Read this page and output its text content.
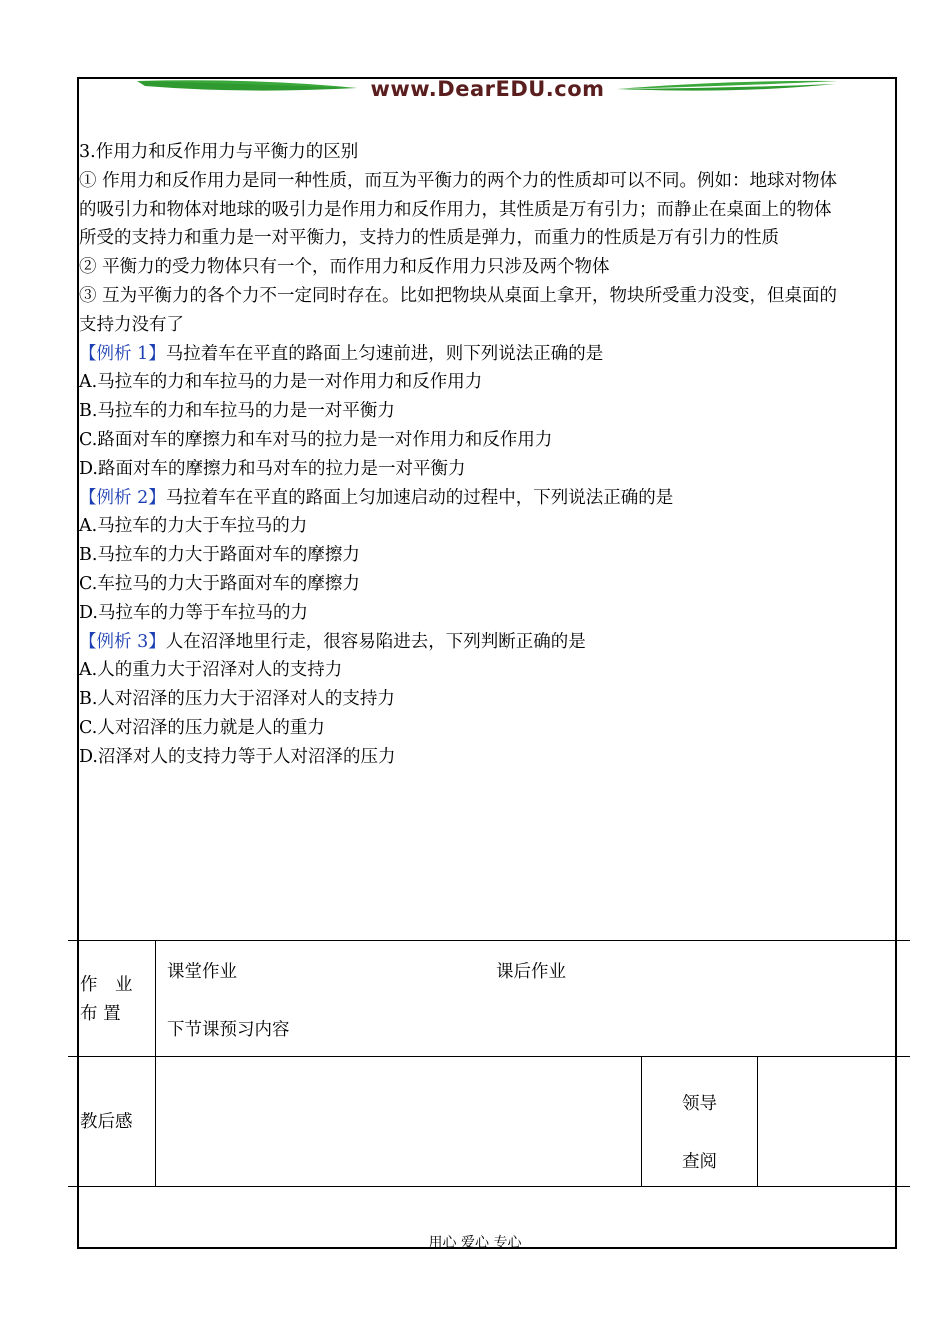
www.DearEDU.com
3.作用力和反作用力与平衡力的区别
① 作用力和反作用力是同一种性质，而互为平衡力的两个力的性质却可以不同。例如：地球对物体
的吸引力和物体对地球的吸引力是作用力和反作用力，其性质是万有引力；而静止在桌面上的物体
所受的支持力和重力是一对平衡力，支持力的性质是弹力，而重力的性质是万有引力的性质
② 平衡力的受力物体只有一个，而作用力和反作用力只涉及两个物体
③ 互为平衡力的各个力不一定同时存在。比如把物块从桌面上拿开，物块所受重力没变，但桌面的
支持力没有了
【例析 1】马拉着车在平直的路面上匀速前进，则下列说法正确的是
A.马拉车的力和车拉马的力是一对作用力和反作用力
B.马拉车的力和车拉马的力是一对平衡力
C.路面对车的摩擦力和车对马的拉力是一对作用力和反作用力
D.路面对车的摩擦力和马对车的拉力是一对平衡力
【例析 2】马拉着车在平直的路面上匀加速启动的过程中，下列说法正确的是
A.马拉车的力大于车拉马的力
B.马拉车的力大于路面对车的摩擦力
C.车拉马的力大于路面对车的摩擦力
D.马拉车的力等于车拉马的力
【例析 3】人在沼泽地里行走，很容易陷进去，下列判断正确的是
A.人的重力大于沼泽对人的支持力
B.人对沼泽的压力大于沼泽对人的支持力
C.人对沼泽的压力就是人的重力
D.沼泽对人的支持力等于人对沼泽的压力
作　业
布 置
课堂作业	课后作业
下节课预习内容
教后感
领导
查阅
用心 爱心 专心
